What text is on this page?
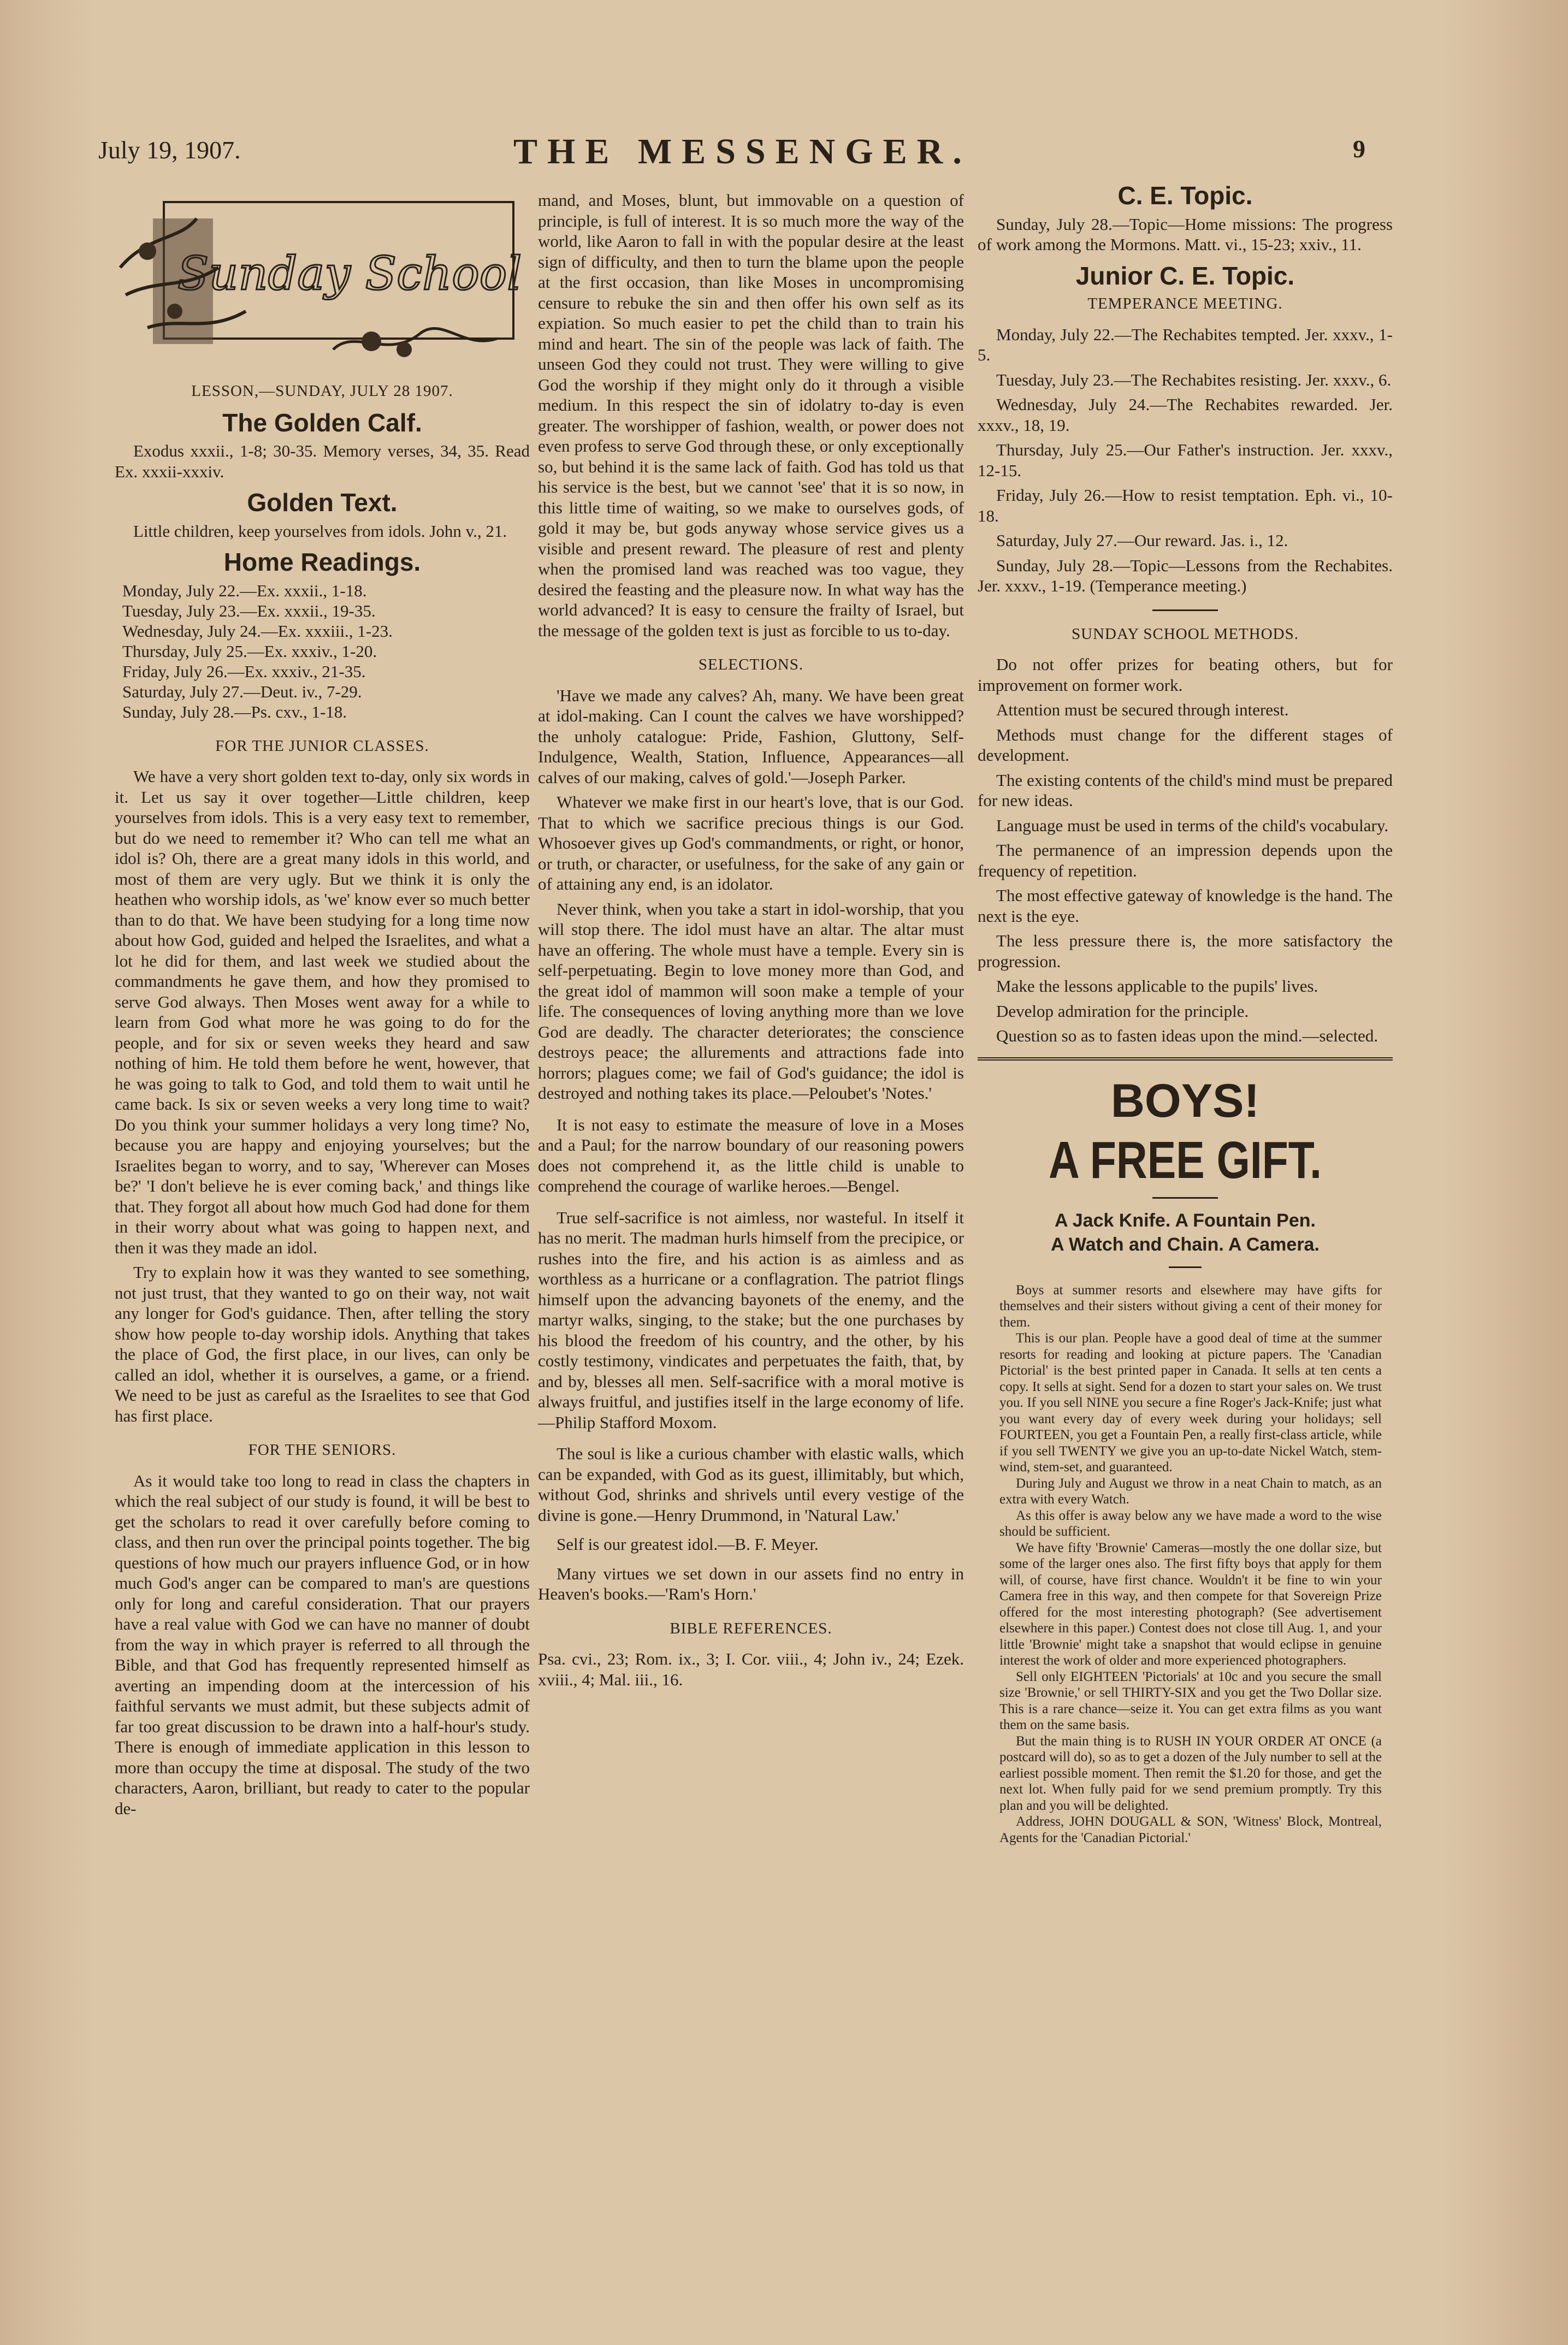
July 19, 1907.	THE MESSENGER.	9
Sunday School
LESSON,—SUNDAY, JULY 28 1907.
The Golden Calf.

Exodus xxxii., 1-8; 30-35. Memory verses, 34, 35. Read Ex. xxxii-xxxiv.

Golden Text.

Little children, keep yourselves from idols. John v., 21.

Home Readings.
Monday, July 22.—Ex. xxxii., 1-18.
Tuesday, July 23.—Ex. xxxii., 19-35.
Wednesday, July 24.—Ex. xxxiii., 1-23.
Thursday, July 25.—Ex. xxxiv., 1-20.
Friday, July 26.—Ex. xxxiv., 21-35.
Saturday, July 27.—Deut. iv., 7-29.
Sunday, July 28.—Ps. cxv., 1-18.
FOR THE JUNIOR CLASSES.

We have a very short golden text to-day, only six words in it. Let us say it over together—Little children, keep yourselves from idols. This is a very easy text to remember, but do we need to remember it? Who can tell me what an idol is? Oh, there are a great many idols in this world, and most of them are very ugly. But we think it is only the heathen who worship idols, as 'we' know ever so much better than to do that. We have been studying for a long time now about how God, guided and helped the Israelites, and what a lot he did for them, and last week we studied about the commandments he gave them, and how they promised to serve God always. Then Moses went away for a while to learn from God what more he was going to do for the people, and for six or seven weeks they heard and saw nothing of him. He told them before he went, however, that he was going to talk to God, and told them to wait until he came back. Is six or seven weeks a very long time to wait? Do you think your summer holidays a very long time? No, because you are happy and enjoying yourselves; but the Israelites began to worry, and to say, 'Wherever can Moses be?' 'I don't believe he is ever coming back,' and things like that. They forgot all about how much God had done for them in their worry about what was going to happen next, and then it was they made an idol.

Try to explain how it was they wanted to see something, not just trust, that they wanted to go on their way, not wait any longer for God's guidance. Then, after telling the story show how people to-day worship idols. Anything that takes the place of God, the first place, in our lives, can only be called an idol, whether it is ourselves, a game, or a friend. We need to be just as careful as the Israelites to see that God has first place.

FOR THE SENIORS.

As it would take too long to read in class the chapters in which the real subject of our study is found, it will be best to get the scholars to read it over carefully before coming to class, and then run over the principal points together. The big questions of how much our prayers influence God, or in how much God's anger can be compared to man's are questions only for long and careful consideration. That our prayers have a real value with God we can have no manner of doubt from the way in which prayer is referred to all through the Bible, and that God has frequently represented himself as averting an impending doom at the intercession of his faithful servants we must admit, but these subjects admit of far too great discussion to be drawn into a half-hour's study. There is enough of immediate application in this lesson to more than occupy the time at disposal. The study of the two characters, Aaron, brilliant, but ready to cater to the popular de-

mand, and Moses, blunt, but immovable on a question of principle, is full of interest. It is so much more the way of the world, like Aaron to fall in with the popular desire at the least sign of difficulty, and then to turn the blame upon the people at the first occasion, than like Moses in uncompromising censure to rebuke the sin and then offer his own self as its expiation. So much easier to pet the child than to train his mind and heart. The sin of the people was lack of faith. The unseen God they could not trust. They were willing to give God the worship if they might only do it through a visible medium. In this respect the sin of idolatry to-day is even greater. The worshipper of fashion, wealth, or power does not even profess to serve God through these, or only exceptionally so, but behind it is the same lack of faith. God has told us that his service is the best, but we cannot 'see' that it is so now, in this little time of waiting, so we make to ourselves gods, of gold it may be, but gods anyway whose service gives us a visible and present reward. The pleasure of rest and plenty when the promised land was reached was too vague, they desired the feasting and the pleasure now. In what way has the world advanced? It is easy to censure the frailty of Israel, but the message of the golden text is just as forcible to us to-day.

SELECTIONS.

'Have we made any calves? Ah, many. We have been great at idol-making. Can I count the calves we have worshipped? the unholy catalogue: Pride, Fashion, Gluttony, Self-Indulgence, Wealth, Station, Influence, Appearances—all calves of our making, calves of gold.'—Joseph Parker.

Whatever we make first in our heart's love, that is our God. That to which we sacrifice precious things is our God. Whosoever gives up God's commandments, or right, or honor, or truth, or character, or usefulness, for the sake of any gain or of attaining any end, is an idolator.

Never think, when you take a start in idol-worship, that you will stop there. The idol must have an altar. The altar must have an offering. The whole must have a temple. Every sin is self-perpetuating. Begin to love money more than God, and the great idol of mammon will soon make a temple of your life. The consequences of loving anything more than we love God are deadly. The character deteriorates; the conscience destroys peace; the allurements and attractions fade into horrors; plagues come; we fail of God's guidance; the idol is destroyed and nothing takes its place.—Peloubet's 'Notes.'

It is not easy to estimate the measure of love in a Moses and a Paul; for the narrow boundary of our reasoning powers does not comprehend it, as the little child is unable to comprehend the courage of warlike heroes.—Bengel.

True self-sacrifice is not aimless, nor wasteful. In itself it has no merit. The madman hurls himself from the precipice, or rushes into the fire, and his action is as aimless and as worthless as a hurricane or a conflagration. The patriot flings himself upon the advancing bayonets of the enemy, and the martyr walks, singing, to the stake; but the one purchases by his blood the freedom of his country, and the other, by his costly testimony, vindicates and perpetuates the faith, that, by and by, blesses all men. Self-sacrifice with a moral motive is always fruitful, and justifies itself in the large economy of life.—Philip Stafford Moxom.

The soul is like a curious chamber with elastic walls, which can be expanded, with God as its guest, illimitably, but which, without God, shrinks and shrivels until every vestige of the divine is gone.—Henry Drummond, in 'Natural Law.'

Self is our greatest idol.—B. F. Meyer.

Many virtues we set down in our assets find no entry in Heaven's books.—'Ram's Horn.'

BIBLE REFERENCES.

Psa. cvi., 23; Rom. ix., 3; I. Cor. viii., 4; John iv., 24; Ezek. xviii., 4; Mal. iii., 16.

C. E. Topic.

Sunday, July 28.—Topic—Home missions: The progress of work among the Mormons. Matt. vi., 15-23; xxiv., 11.

Junior C. E. Topic.
TEMPERANCE MEETING.

Monday, July 22.—The Rechabites tempted. Jer. xxxv., 1-5.

Tuesday, July 23.—The Rechabites resisting. Jer. xxxv., 6.

Wednesday, July 24.—The Rechabites rewarded. Jer. xxxv., 18, 19.

Thursday, July 25.—Our Father's instruction. Jer. xxxv., 12-15.

Friday, July 26.—How to resist temptation. Eph. vi., 10-18.

Saturday, July 27.—Our reward. Jas. i., 12.

Sunday, July 28.—Topic—Lessons from the Rechabites. Jer. xxxv., 1-19. (Temperance meeting.)

SUNDAY SCHOOL METHODS.

Do not offer prizes for beating others, but for improvement on former work.

Attention must be secured through interest.

Methods must change for the different stages of development.

The existing contents of the child's mind must be prepared for new ideas.

Language must be used in terms of the child's vocabulary.

The permanence of an impression depends upon the frequency of repetition.

The most effective gateway of knowledge is the hand. The next is the eye.

The less pressure there is, the more satisfactory the progression.

Make the lessons applicable to the pupils' lives.

Develop admiration for the principle.

Question so as to fasten ideas upon the mind.—selected.

BOYS!
A FREE GIFT.
A Jack Knife. A Fountain Pen.
A Watch and Chain. A Camera.

Boys at summer resorts and elsewhere may have gifts for themselves and their sisters without giving a cent of their money for them.

This is our plan. People have a good deal of time at the summer resorts for reading and looking at picture papers. The 'Canadian Pictorial' is the best printed paper in Canada. It sells at ten cents a copy. It sells at sight. Send for a dozen to start your sales on. We trust you. If you sell NINE you secure a fine Roger's Jack-Knife; just what you want every day of every week during your holidays; sell FOURTEEN, you get a Fountain Pen, a really first-class article, while if you sell TWENTY we give you an up-to-date Nickel Watch, stem-wind, stem-set, and guaranteed.

During July and August we throw in a neat Chain to match, as an extra with every Watch.

As this offer is away below any we have made a word to the wise should be sufficient.

We have fifty 'Brownie' Cameras—mostly the one dollar size, but some of the larger ones also. The first fifty boys that apply for them will, of course, have first chance. Wouldn't it be fine to win your Camera free in this way, and then compete for that Sovereign Prize offered for the most interesting photograph? (See advertisement elsewhere in this paper.) Contest does not close till Aug. 1, and your little 'Brownie' might take a snapshot that would eclipse in genuine interest the work of older and more experienced photographers.

Sell only EIGHTEEN 'Pictorials' at 10c and you secure the small size 'Brownie,' or sell THIRTY-SIX and you get the Two Dollar size. This is a rare chance—seize it. You can get extra films as you want them on the same basis.

But the main thing is to RUSH IN YOUR ORDER AT ONCE (a postcard will do), so as to get a dozen of the July number to sell at the earliest possible moment. Then remit the $1.20 for those, and get the next lot. When fully paid for we send premium promptly. Try this plan and you will be delighted.

Address, JOHN DOUGALL & SON, 'Witness' Block, Montreal, Agents for the 'Canadian Pictorial.'
